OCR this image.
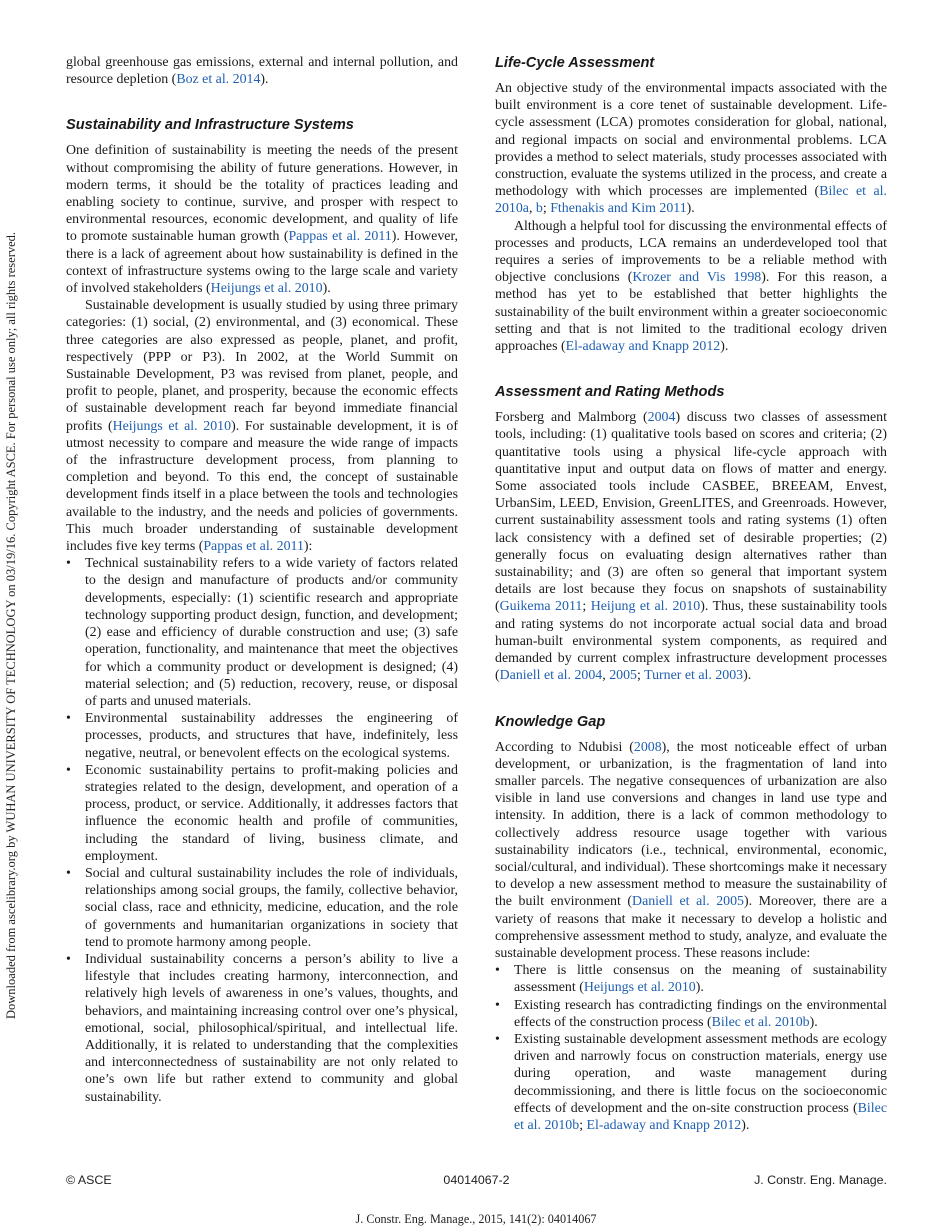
Downloaded from ascelibrary.org by WUHAN UNIVERSITY OF TECHNOLOGY on 03/19/16. Copyright ASCE. For personal use only; all rights reserved.

global greenhouse gas emissions, external and internal pollution, and resource depletion (Boz et al. 2014).

Sustainability and Infrastructure Systems

One definition of sustainability is meeting the needs of the present without compromising the ability of future generations. However, in modern terms, it should be the totality of practices leading and enabling society to continue, survive, and prosper with respect to environmental resources, economic development, and quality of life to promote sustainable human growth (Pappas et al. 2011). However, there is a lack of agreement about how sustainability is defined in the context of infrastructure systems owing to the large scale and variety of involved stakeholders (Heijungs et al. 2010).

Sustainable development is usually studied by using three primary categories: (1) social, (2) environmental, and (3) economical. These three categories are also expressed as people, planet, and profit, respectively (PPP or P3). In 2002, at the World Summit on Sustainable Development, P3 was revised from planet, people, and profit to people, planet, and prosperity, because the economic effects of sustainable development reach far beyond immediate financial profits (Heijungs et al. 2010). For sustainable development, it is of utmost necessity to compare and measure the wide range of impacts of the infrastructure development process, from planning to completion and beyond. To this end, the concept of sustainable development finds itself in a place between the tools and technologies available to the industry, and the needs and policies of governments. This much broader understanding of sustainable development includes five key terms (Pappas et al. 2011):

• Technical sustainability refers to a wide variety of factors related to the design and manufacture of products and/or community developments, especially: (1) scientific research and appropriate technology supporting product design, function, and development; (2) ease and efficiency of durable construction and use; (3) safe operation, functionality, and maintenance that meet the objectives for which a community product or development is designed; (4) material selection; and (5) reduction, recovery, reuse, or disposal of parts and unused materials.
• Environmental sustainability addresses the engineering of processes, products, and structures that have, indefinitely, less negative, neutral, or benevolent effects on the ecological systems.
• Economic sustainability pertains to profit-making policies and strategies related to the design, development, and operation of a process, product, or service. Additionally, it addresses factors that influence the economic health and profile of communities, including the standard of living, business climate, and employment.
• Social and cultural sustainability includes the role of individuals, relationships among social groups, the family, collective behavior, social class, race and ethnicity, medicine, education, and the role of governments and humanitarian organizations in society that tend to promote harmony among people.
• Individual sustainability concerns a person’s ability to live a lifestyle that includes creating harmony, interconnection, and relatively high levels of awareness in one’s values, thoughts, and behaviors, and maintaining increasing control over one’s physical, emotional, social, philosophical/spiritual, and intellectual life. Additionally, it is related to understanding that the complexities and interconnectedness of sustainability are not only related to one’s own life but rather extend to community and global sustainability.
Life-Cycle Assessment

An objective study of the environmental impacts associated with the built environment is a core tenet of sustainable development. Life-cycle assessment (LCA) promotes consideration for global, national, and regional impacts on social and environmental problems. LCA provides a method to select materials, study processes associated with construction, evaluate the systems utilized in the process, and create a methodology with which processes are implemented (Bilec et al. 2010a, b; Fthenakis and Kim 2011).

Although a helpful tool for discussing the environmental effects of processes and products, LCA remains an underdeveloped tool that requires a series of improvements to be a reliable method with objective conclusions (Krozer and Vis 1998). For this reason, a method has yet to be established that better highlights the sustainability of the built environment within a greater socioeconomic setting and that is not limited to the traditional ecology driven approaches (El-adaway and Knapp 2012).

Assessment and Rating Methods

Forsberg and Malmborg (2004) discuss two classes of assessment tools, including: (1) qualitative tools based on scores and criteria; (2) quantitative tools using a physical life-cycle approach with quantitative input and output data on flows of matter and energy. Some associated tools include CASBEE, BREEAM, Envest, UrbanSim, LEED, Envision, GreenLITES, and Greenroads. However, current sustainability assessment tools and rating systems (1) often lack consistency with a defined set of desirable properties; (2) generally focus on evaluating design alternatives rather than sustainability; and (3) are often so general that important system details are lost because they focus on snapshots of sustainability (Guikema 2011; Heijung et al. 2010). Thus, these sustainability tools and rating systems do not incorporate actual social data and broad human-built environmental system components, as required and demanded by current complex infrastructure development processes (Daniell et al. 2004, 2005; Turner et al. 2003).

Knowledge Gap

According to Ndubisi (2008), the most noticeable effect of urban development, or urbanization, is the fragmentation of land into smaller parcels. The negative consequences of urbanization are also visible in land use conversions and changes in land use type and intensity. In addition, there is a lack of common methodology to collectively address resource usage together with various sustainability indicators (i.e., technical, environmental, economic, social/cultural, and individual). These shortcomings make it necessary to develop a new assessment method to measure the sustainability of the built environment (Daniell et al. 2005). Moreover, there are a variety of reasons that make it necessary to develop a holistic and comprehensive assessment method to study, analyze, and evaluate the sustainable development process. These reasons include:

• There is little consensus on the meaning of sustainability assessment (Heijungs et al. 2010).
• Existing research has contradicting findings on the environmental effects of the construction process (Bilec et al. 2010b).
• Existing sustainable development assessment methods are ecology driven and narrowly focus on construction materials, energy use during operation, and waste management during decommissioning, and there is little focus on the socioeconomic effects of development and the on-site construction process (Bilec et al. 2010b; El-adaway and Knapp 2012).
04014067-2
© ASCE	J. Constr. Eng. Manage.
J. Constr. Eng. Manage., 2015, 141(2): 04014067
